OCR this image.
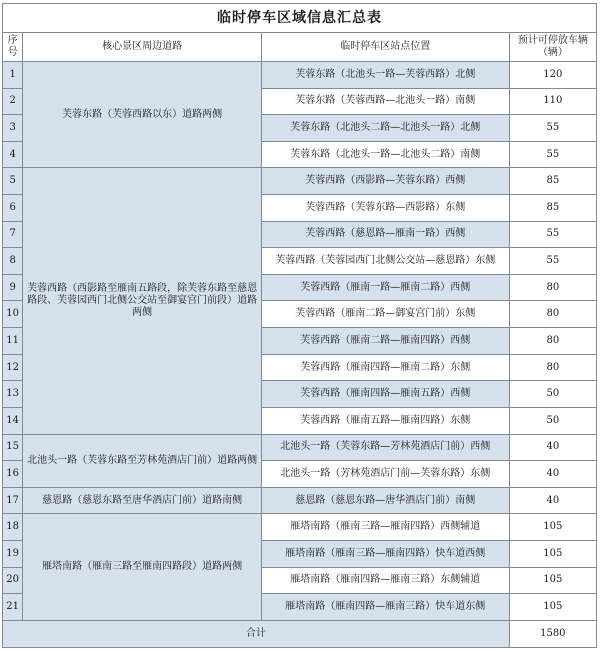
临时停车区域信息汇总表			
序号	核心景区周边道路	临时停车区站点位置	预计可停放车辆（辆）
1	芙蓉东路（芙蓉西路以东）道路两侧	芙蓉东路（北池头一路—芙蓉西路）北侧	120
2		芙蓉东路（芙蓉西路—北池头一路）南侧	110
3		芙蓉东路（北池头二路—北池头一路）北侧	55
4		芙蓉东路（北池头一路—北池头二路）南侧	55
5	芙蓉西路（西影路至雁南五路段，除芙蓉东路至慈恩路段、芙蓉园西门北侧公交站至御宴宫门前段）道路两侧	芙蓉西路（西影路—芙蓉东路）西侧	85
6		芙蓉西路（芙蓉东路—西影路）东侧	85
7		芙蓉西路（慈恩路—雁南一路）西侧	55
8		芙蓉西路（芙蓉园西门北侧公交站—慈恩路）东侧	55
9		芙蓉西路（雁南一路—雁南二路）西侧	80
10		芙蓉西路（雁南二路—御宴宫门前）东侧	80
11		芙蓉西路（雁南二路—雁南四路）西侧	80
12		芙蓉西路（雁南四路—雁南二路）东侧	80
13		芙蓉西路（雁南四路—雁南五路）西侧	50
14		芙蓉西路（雁南五路—雁南四路）东侧	50
15	北池头一路（芙蓉东路至芳林苑酒店门前）道路两侧	北池头一路（芙蓉东路—芳林苑酒店门前）西侧	40
16		北池头一路（芳林苑酒店门前—芙蓉东路）东侧	40
17	慈恩路（慈恩东路至唐华酒店门前）道路南侧	慈恩路（慈恩东路—唐华酒店门前）南侧	40
18	雁塔南路（雁南三路至雁南四路段）道路两侧	雁塔南路（雁南三路—雁南四路）西侧辅道	105
19		雁塔南路（雁南三路—雁南四路）快车道西侧	105
20		雁塔南路（雁南四路—雁南三路）东侧辅道	105
21		雁塔南路（雁南四路—雁南三路）快车道东侧	105
合计			1580
